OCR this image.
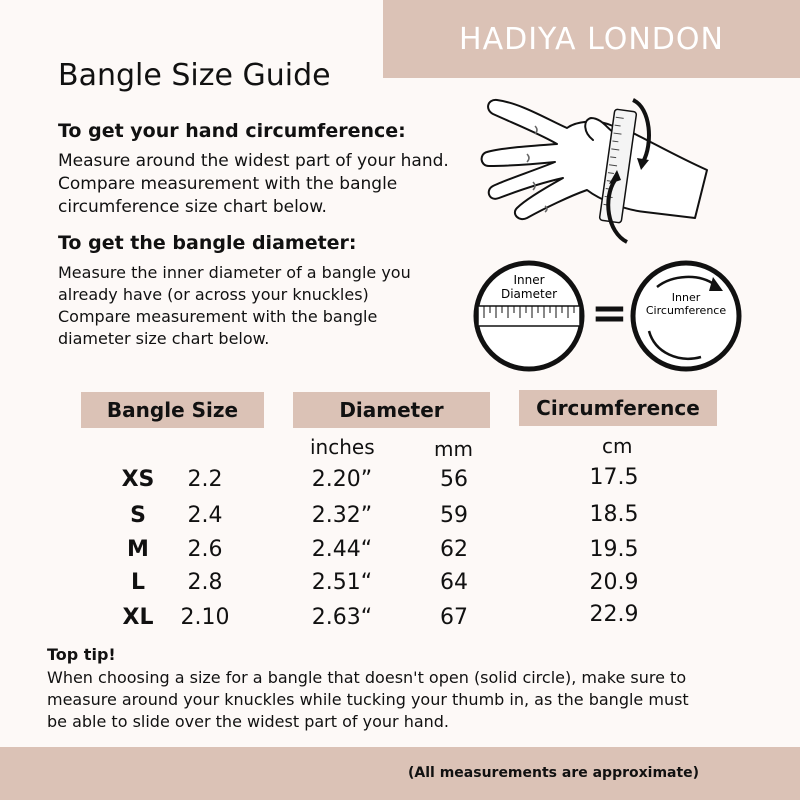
HADIYA LONDON
Bangle Size Guide
To get your hand circumference:
Measure around the widest part of your hand.
Compare measurement with the bangle
circumference size chart below.
To get the bangle diameter:
Measure the inner diameter of a bangle you
already have (or across your knuckles)
Compare measurement with the bangle
diameter size chart below.
Inner
Diameter =	Inner
Circumference
Bangle Size	Diameter	Circumference
inches	mm	cm
XS 2.2	2.20”	56	17.5
S 2.4	2.32”	59	18.5
M 2.6	2.44“	62	19.5
L 2.8	2.51“	64	20.9
XL 2.10	2.63“	67	22.9
Top tip!
When choosing a size for a bangle that doesn't open (solid circle), make sure to
measure around your knuckles while tucking your thumb in, as the bangle must
be able to slide over the widest part of your hand.
(All measurements are approximate)
